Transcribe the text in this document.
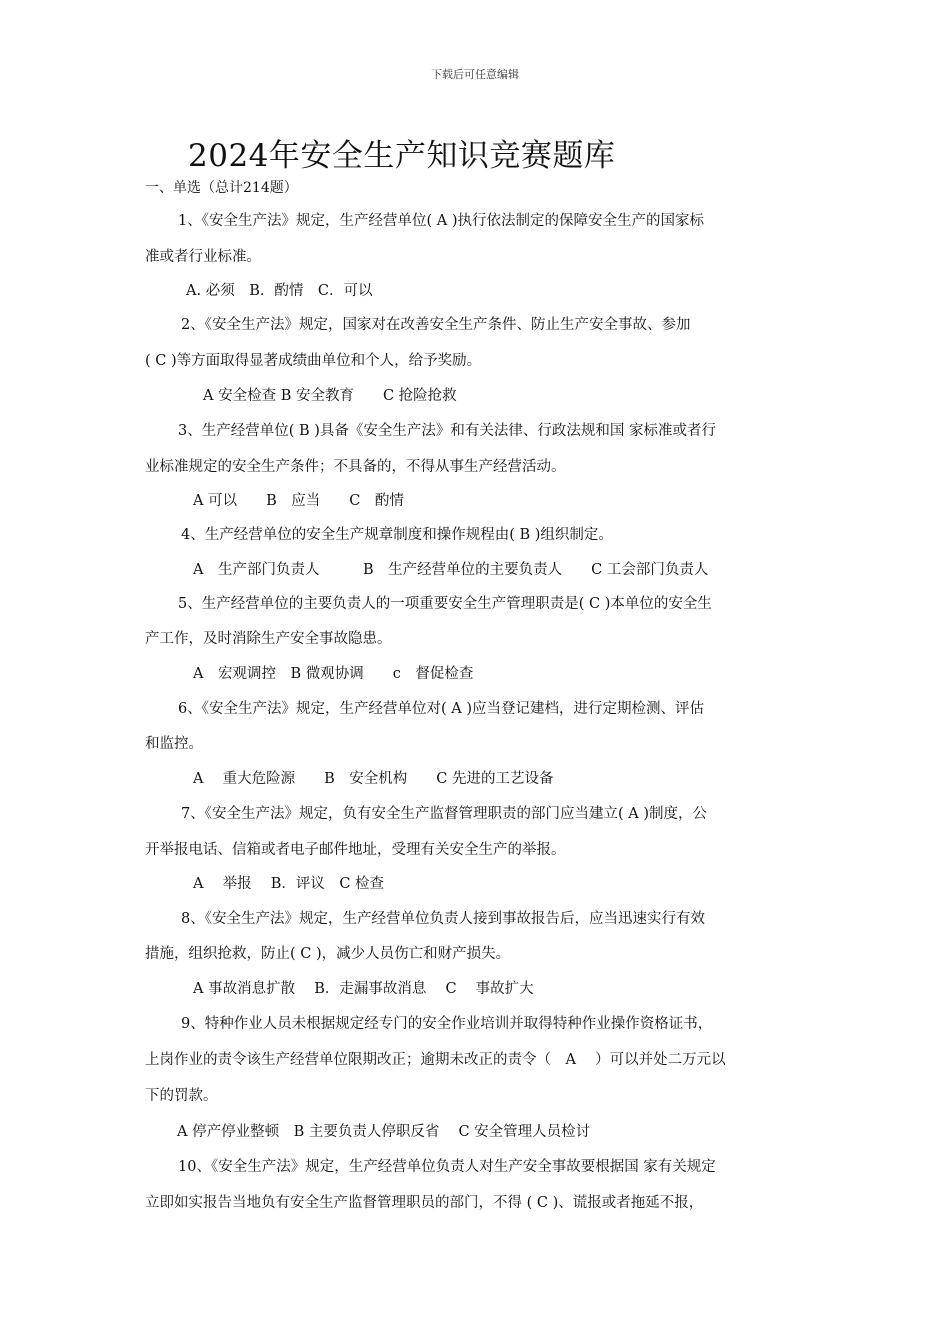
下载后可任意编辑
2024年安全生产知识竞赛题库
一、单选（总计214题）
1、《安全生产法》规定，生产经营单位( A )执行依法制定的保障安全生产的国家标
准或者行业标准。
A. 必须　B．酌情　C．可以
2、《安全生产法》规定，国家对在改善安全生产条件、防止生产安全事故、参加
( C )等方面取得显著成绩曲单位和个人，给予奖励。
A 安全检查 B 安全教育　　C 抢险抢救
3、生产经营单位( B )具备《安全生产法》和有关法律、行政法规和国 家标准或者行
业标准规定的安全生产条件；不具备的，不得从事生产经营活动。
A 可以　　B　应当　　C　酌情
4、生产经营单位的安全生产规章制度和操作规程由( B )组织制定。
A　生产部门负责人　　　B　生产经营单位的主要负责人　　C 工会部门负责人
5、生产经营单位的主要负责人的一项重要安全生产管理职责是( C )本单位的安全生
产工作，及时消除生产安全事故隐患。
A　宏观调控　B 微观协调　　c　督促检查
6、《安全生产法》规定，生产经营单位对( A )应当登记建档，进行定期检测、评估
和监控。
A　 重大危险源　　B　安全机构　　C 先进的工艺设备
7、《安全生产法》规定，负有安全生产监督管理职责的部门应当建立( A )制度，公
开举报电话、信箱或者电子邮件地址，受理有关安全生产的举报。
A　 举报　 B．评议　C 检查
8、《安全生产法》规定，生产经营单位负责人接到事故报告后，应当迅速实行有效
措施，组织抢救，防止( C )，减少人员伤亡和财产损失。
A 事故消息扩散　 B．走漏事故消息　 C　 事故扩大
9、特种作业人员未根据规定经专门的安全作业培训并取得特种作业操作资格证书，
上岗作业的责令该生产经营单位限期改正；逾期未改正的责令（　A　 ）可以并处二万元以
下的罚款。
A 停产停业整顿　B 主要负责人停职反省　 C 安全管理人员检讨
10、《安全生产法》规定，生产经营单位负责人对生产安全事故要根据国 家有关规定
立即如实报告当地负有安全生产监督管理职员的部门，不得 ( C )、谎报或者拖延不报，
